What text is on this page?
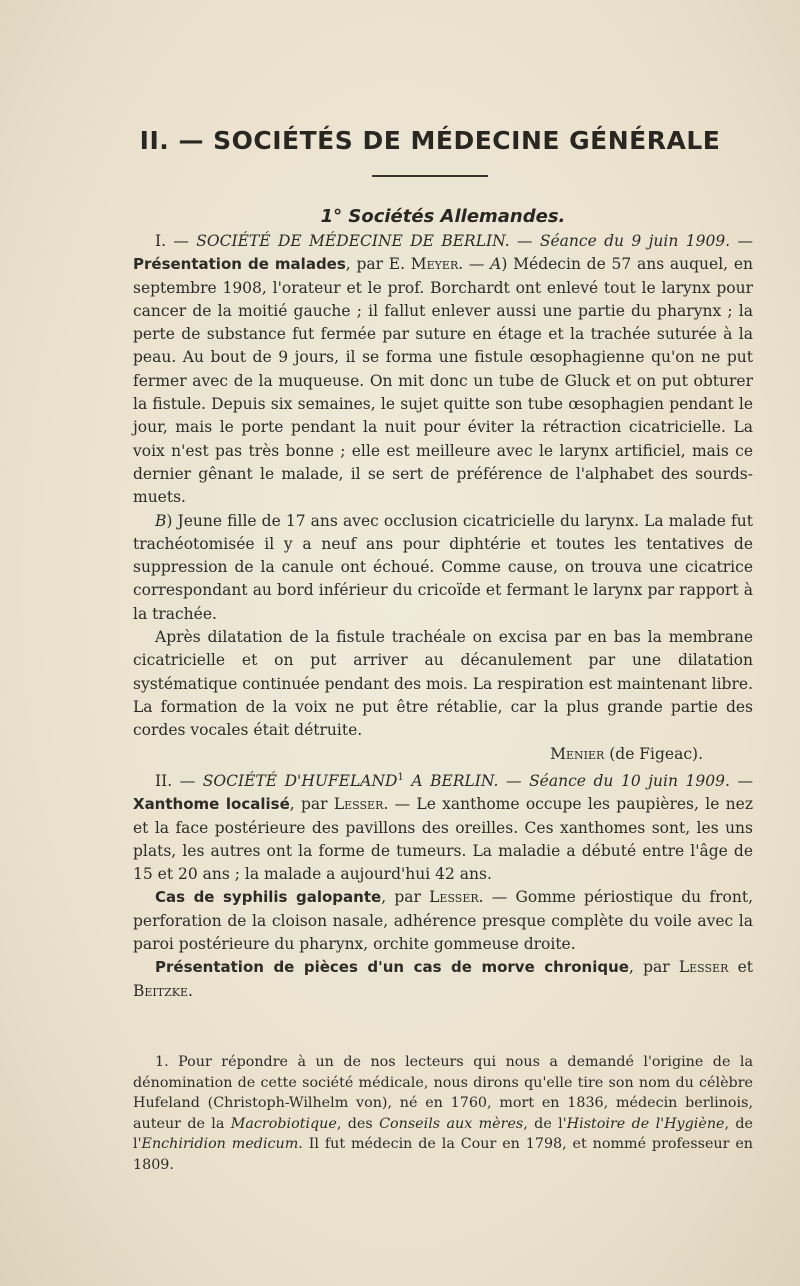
II. — SOCIÉTÉS DE MÉDECINE GÉNÉRALE
1° Sociétés Allemandes.

I. — SOCIÉTÉ DE MÉDECINE DE BERLIN. — Séance du 9 juin 1909. — Présentation de malades, par E. Meyer. — A) Médecin de 57 ans auquel, en septembre 1908, l'orateur et le prof. Borchardt ont enlevé tout le larynx pour cancer de la moitié gauche ; il fallut enlever aussi une partie du pharynx ; la perte de substance fut fermée par suture en étage et la trachée suturée à la peau. Au bout de 9 jours, il se forma une fistule œsophagienne qu'on ne put fermer avec de la muqueuse. On mit donc un tube de Gluck et on put obturer la fistule. Depuis six semaines, le sujet quitte son tube œsophagien pendant le jour, mais le porte pendant la nuit pour éviter la rétraction cicatricielle. La voix n'est pas très bonne ; elle est meilleure avec le larynx artificiel, mais ce dernier gênant le malade, il se sert de préférence de l'alphabet des sourds-muets.

B) Jeune fille de 17 ans avec occlusion cicatricielle du larynx. La malade fut trachéotomisée il y a neuf ans pour diphtérie et toutes les tentatives de suppression de la canule ont échoué. Comme cause, on trouva une cicatrice correspondant au bord inférieur du cricoïde et fermant le larynx par rapport à la trachée.

Après dilatation de la fistule trachéale on excisa par en bas la membrane cicatricielle et on put arriver au décanulement par une dilatation systématique continuée pendant des mois. La respiration est maintenant libre. La formation de la voix ne put être rétablie, car la plus grande partie des cordes vocales était détruite.

Menier (de Figeac).

II. — SOCIÉTÉ D'HUFELAND$^1$ A BERLIN. — Séance du 10 juin 1909. — Xanthome localisé, par Lesser. — Le xanthome occupe les paupières, le nez et la face postérieure des pavillons des oreilles. Ces xanthomes sont, les uns plats, les autres ont la forme de tumeurs. La maladie a débuté entre l'âge de 15 et 20 ans ; la malade a aujourd'hui 42 ans.

Cas de syphilis galopante, par Lesser. — Gomme périostique du front, perforation de la cloison nasale, adhérence presque complète du voile avec la paroi postérieure du pharynx, orchite gommeuse droite.

Présentation de pièces d'un cas de morve chronique, par Lesser et Beitzke.

1. Pour répondre à un de nos lecteurs qui nous a demandé l'origine de la dénomination de cette société médicale, nous dirons qu'elle tire son nom du célèbre Hufeland (Christoph-Wilhelm von), né en 1760, mort en 1836, médecin berlinois, auteur de la Macrobiotique, des Conseils aux mères, de l'Histoire de l'Hygiène, de l'Enchiridion medicum. Il fut médecin de la Cour en 1798, et nommé professeur en 1809.
